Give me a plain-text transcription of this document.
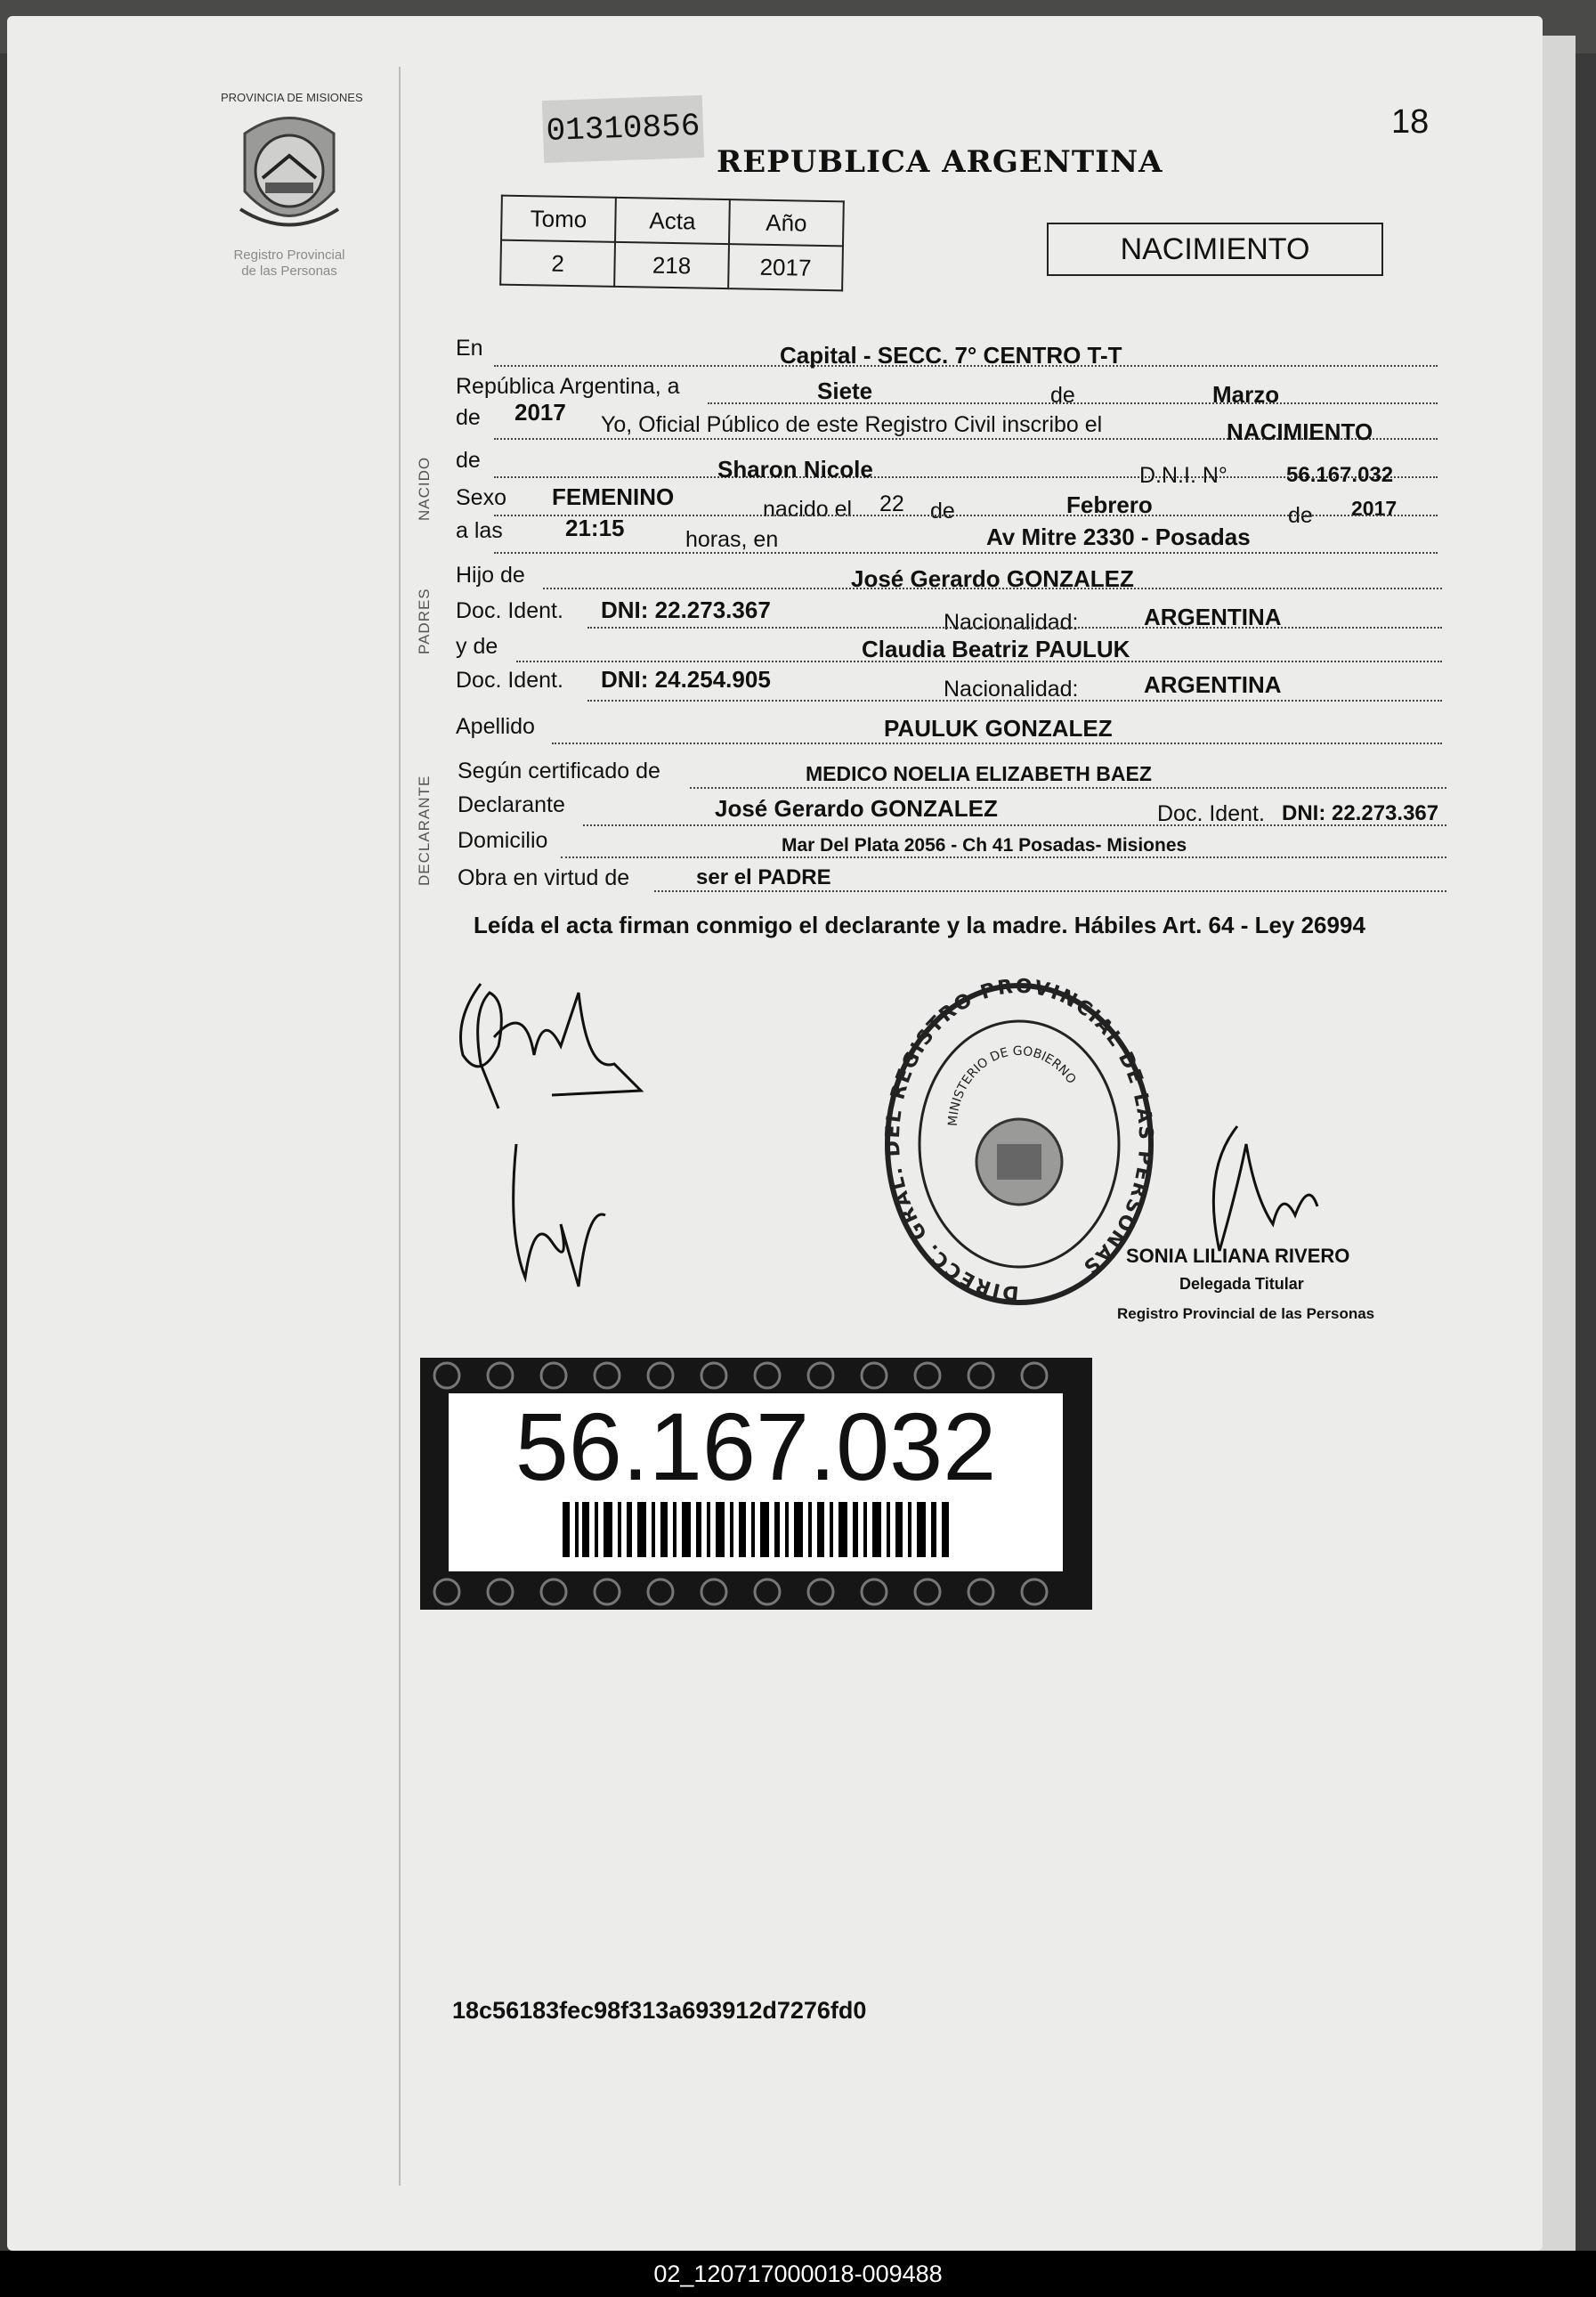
Registro Provincial
de las Personas
PROVINCIA DE MISIONES
01310856
REPUBLICA ARGENTINA
18
Tomo	Acta	Año
2	218	2017
NACIMIENTO
NACIDO
PADRES
DECLARANTE
En	Capital - SECC. 7° CENTRO T-T
República Argentina, a	Siete	de	Marzo
de 2017 Yo, Oficial Público de este Registro Civil inscribo el	NACIMIENTO
de	Sharon Nicole	D.N.I. N°	56.167.032
Sexo FEMENINO	nacido el 22 de	Febrero	de 2017
a las	21:15	horas, en	Av Mitre 2330 - Posadas
Hijo de	José Gerardo GONZALEZ
Doc. Ident. DNI: 22.273.367	Nacionalidad:	ARGENTINA
y de	Claudia Beatriz PAULUK
Doc. Ident. DNI: 24.254.905	Nacionalidad:	ARGENTINA
Apellido	PAULUK GONZALEZ
Según certificado de	MEDICO NOELIA ELIZABETH BAEZ
Declarante	José Gerardo GONZALEZ	Doc. Ident. DNI: 22.273.367
Domicilio	Mar Del Plata 2056 - Ch 41 Posadas- Misiones
Obra en virtud de	ser el PADRE
Leída el acta firman conmigo el declarante y la madre. Hábiles Art. 64 - Ley 26994
DIRECC. GRAL. DEL REGISTRO PROVINCIAL DE LAS PERSONAS
MINISTERIO DE GOBIERNO
SONIA LILIANA RIVERO
Delegada Titular
Registro Provincial de las Personas
56.167.032
18c56183fec98f313a693912d7276fd0
02_120717000018-009488
